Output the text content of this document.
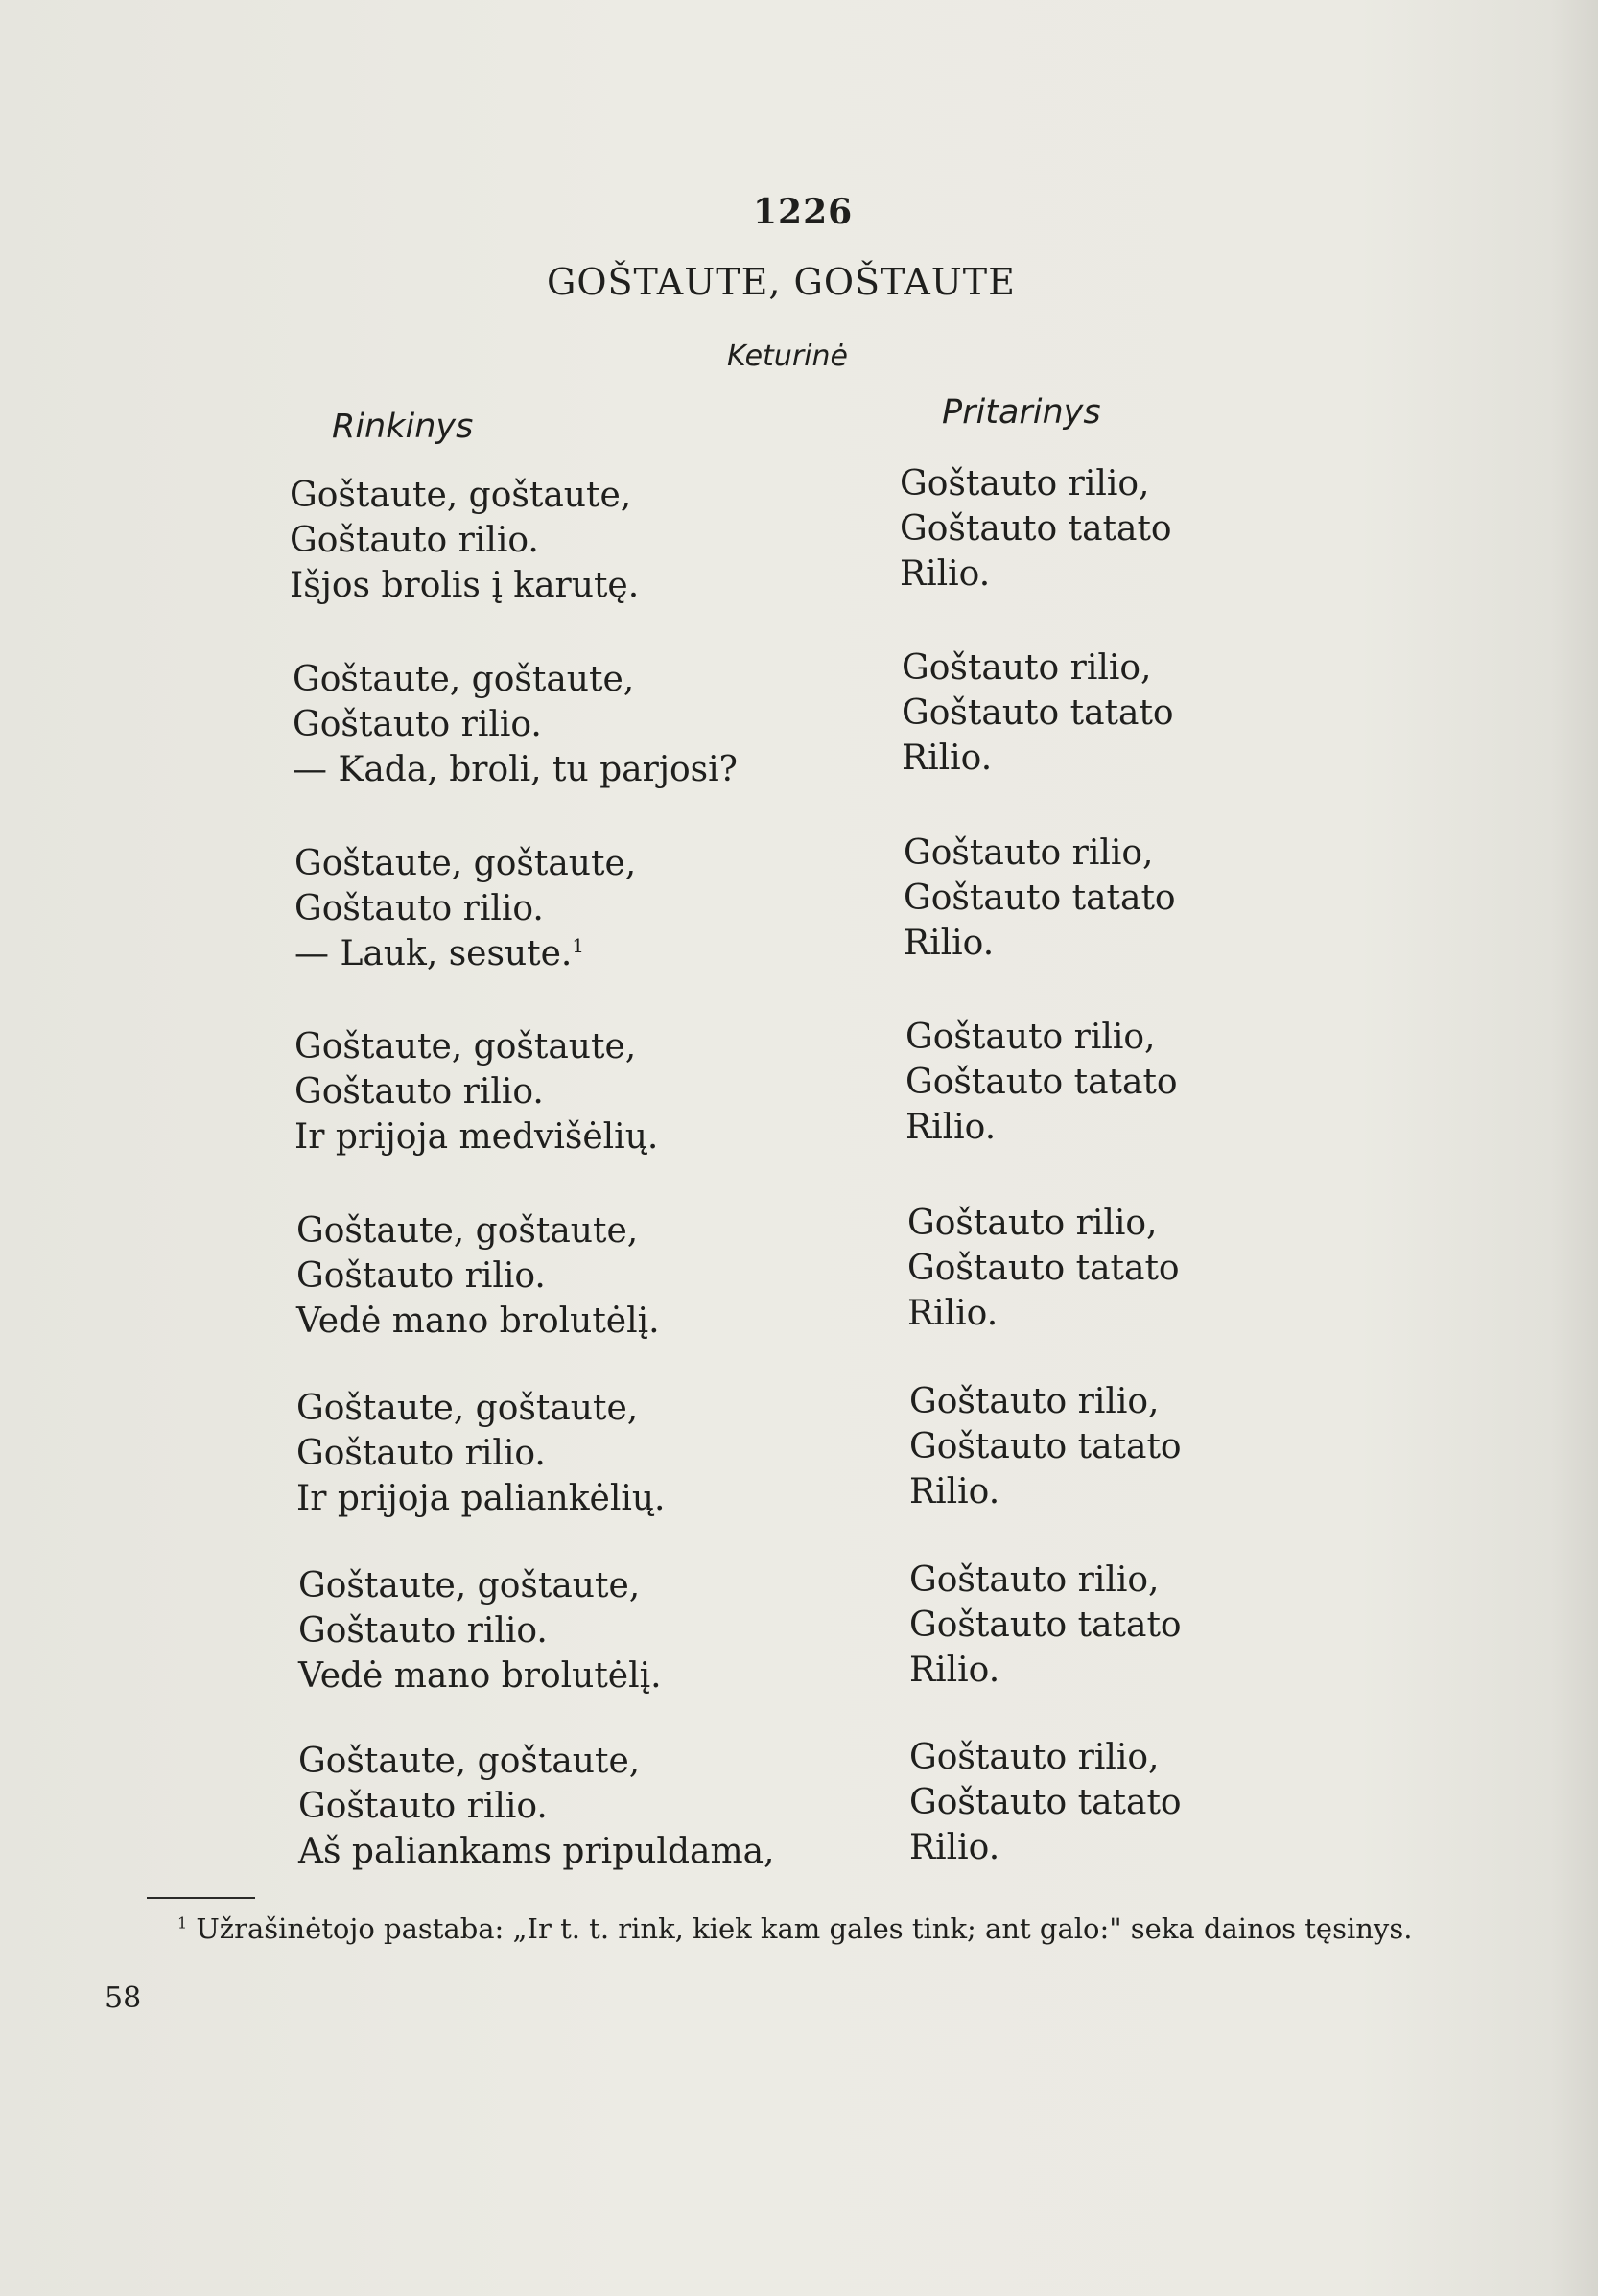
1226
GOŠTAUTE, GOŠTAUTE
Keturinė
Rinkinys	Pritarinys
Goštaute, goštaute,
Goštauto rilio.
Išjos brolis į karutę.
Goštaute, goštaute,
Goštauto rilio.
— Kada, broli, tu parjosi?
Goštaute, goštaute,
Goštauto rilio.
— Lauk, sesute.$^1$
Goštaute, goštaute,
Goštauto rilio.
Ir prijoja medvišėlių.
Goštaute, goštaute,
Goštauto rilio.
Vedė mano brolutėlį.
Goštaute, goštaute,
Goštauto rilio.
Ir prijoja paliankėlių.
Goštaute, goštaute,
Goštauto rilio.
Vedė mano brolutėlį.
Goštaute, goštaute,
Goštauto rilio.
Aš paliankams pripuldama,
Goštauto rilio,
Goštauto tatato
Rilio.
Goštauto rilio,
Goštauto tatato
Rilio.
Goštauto rilio,
Goštauto tatato
Rilio.
Goštauto rilio,
Goštauto tatato
Rilio.
Goštauto rilio,
Goštauto tatato
Rilio.
Goštauto rilio,
Goštauto tatato
Rilio.
Goštauto rilio,
Goštauto tatato
Rilio.
Goštauto rilio,
Goštauto tatato
Rilio.
$^1$ Užrašinėtojo pastaba: „Ir t. t. rink, kiek kam gales tink; ant galo:" seka dainos tęsinys.
58
